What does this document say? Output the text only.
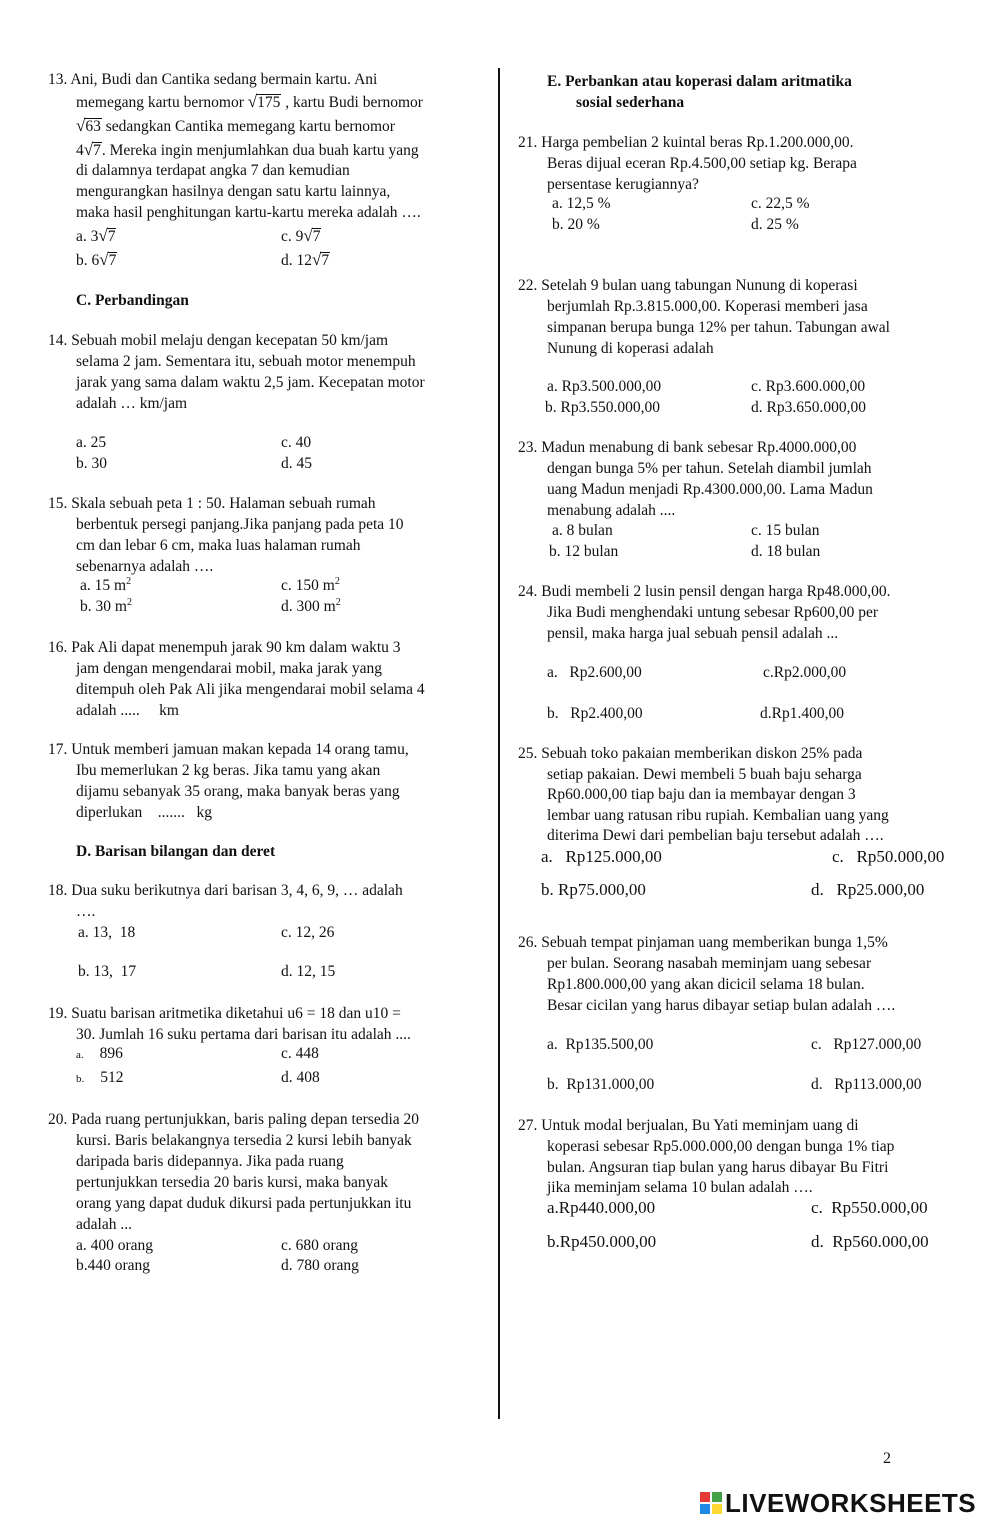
13. Ani, Budi dan Cantika sedang bermain kartu. Ani
memegang kartu bernomor √175 , kartu Budi bernomor
√63 sedangkan Cantika memegang kartu bernomor
4√7. Mereka ingin menjumlahkan dua buah kartu yang
di dalamnya terdapat angka 7 dan kemudian
mengurangkan hasilnya dengan satu kartu lainnya,
maka hasil penghitungan kartu-kartu mereka adalah ….
a. 3√7	c. 9√7
b. 6√7	d. 12√7
C. Perbandingan
14. Sebuah mobil melaju dengan kecepatan 50 km/jam
selama 2 jam. Sementara itu, sebuah motor menempuh
jarak yang sama dalam waktu 2,5 jam. Kecepatan motor
adalah … km/jam
a. 25	c. 40
b. 30	d. 45
15. Skala sebuah peta 1 : 50. Halaman sebuah rumah
berbentuk persegi panjang.Jika panjang pada peta 10
cm dan lebar 6 cm, maka luas halaman rumah
sebenarnya adalah ….
a. 15 $m^2$	c. 150 $m^2$
b. 30 $m^2$	d. 300 $m^2$
16. Pak Ali dapat menempuh jarak 90 km dalam waktu 3
jam dengan mengendarai mobil, maka jarak yang
ditempuh oleh Pak Ali jika mengendarai mobil selama 4
adalah .....     km
17. Untuk memberi jamuan makan kepada 14 orang tamu,
Ibu memerlukan 2 kg beras. Jika tamu yang akan
dijamu sebanyak 35 orang, maka banyak beras yang
diperlukan    .......   kg
D. Barisan bilangan dan deret
18. Dua suku berikutnya dari barisan 3, 4, 6, 9, … adalah
….
a. 13,  18	c. 12, 26
b. 13,  17	d. 12, 15
19. Suatu barisan aritmetika diketahui u6 = 18 dan u10 =
30. Jumlah 16 suku pertama dari barisan itu adalah ....
a. 896	c. 448
b. 512	d. 408
20. Pada ruang pertunjukkan, baris paling depan tersedia 20
kursi. Baris belakangnya tersedia 2 kursi lebih banyak
daripada baris didepannya. Jika pada ruang
pertunjukkan tersedia 20 baris kursi, maka banyak
orang yang dapat duduk dikursi pada pertunjukkan itu
adalah ...
a. 400 orang	c. 680 orang
b.440 orang	d. 780 orang
E. Perbankan atau koperasi dalam aritmatika
sosial sederhana
21. Harga pembelian 2 kuintal beras Rp.1.200.000,00.
Beras dijual eceran Rp.4.500,00 setiap kg. Berapa
persentase kerugiannya?
a. 12,5 %	c. 22,5 %
b. 20 %	d. 25 %
22. Setelah 9 bulan uang tabungan Nunung di koperasi
berjumlah Rp.3.815.000,00. Koperasi memberi jasa
simpanan berupa bunga 12% per tahun. Tabungan awal
Nunung di koperasi adalah
a. Rp3.500.000,00	c. Rp3.600.000,00
b. Rp3.550.000,00	d. Rp3.650.000,00
23. Madun menabung di bank sebesar Rp.4000.000,00
dengan bunga 5% per tahun. Setelah diambil jumlah
uang Madun menjadi Rp.4300.000,00. Lama Madun
menabung adalah ....
a. 8 bulan	c. 15 bulan
b. 12 bulan	d. 18 bulan
24. Budi membeli 2 lusin pensil dengan harga Rp48.000,00.
Jika Budi menghendaki untung sebesar Rp600,00 per
pensil, maka harga jual sebuah pensil adalah ...
a.   Rp2.600,00	c.Rp2.000,00
b.   Rp2.400,00	d.Rp1.400,00
25. Sebuah toko pakaian memberikan diskon 25% pada
setiap pakaian. Dewi membeli 5 buah baju seharga
Rp60.000,00 tiap baju dan ia membayar dengan 3
lembar uang ratusan ribu rupiah. Kembalian uang yang
diterima Dewi dari pembelian baju tersebut adalah ….
a.   Rp125.000,00	c.   Rp50.000,00
b. Rp75.000,00	d.   Rp25.000,00
26. Sebuah tempat pinjaman uang memberikan bunga 1,5%
per bulan. Seorang nasabah meminjam uang sebesar
Rp1.800.000,00 yang akan dicicil selama 18 bulan.
Besar cicilan yang harus dibayar setiap bulan adalah ….
a.  Rp135.500,00	c.   Rp127.000,00
b.  Rp131.000,00	d.   Rp113.000,00
27. Untuk modal berjualan, Bu Yati meminjam uang di
koperasi sebesar Rp5.000.000,00 dengan bunga 1% tiap
bulan. Angsuran tiap bulan yang harus dibayar Bu Fitri
jika meminjam selama 10 bulan adalah ….
a.Rp440.000,00	c.  Rp550.000,00
b.Rp450.000,00	d.  Rp560.000,00
2
LIVEWORKSHEETS
